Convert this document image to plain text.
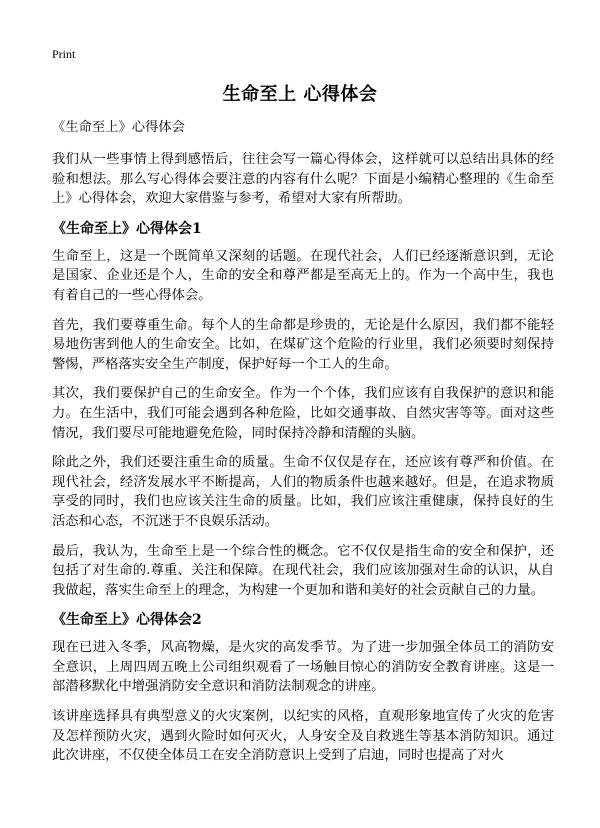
Print
生命至上 心得体会
《生命至上》心得体会

我们从一些事情上得到感悟后，往往会写一篇心得体会，这样就可以总结出具体的经验和想法。那么写心得体会要注意的内容有什么呢？下面是小编精心整理的《生命至上》心得体会，欢迎大家借鉴与参考，希望对大家有所帮助。

《生命至上》心得体会1

生命至上，这是一个既简单又深刻的话题。在现代社会，人们已经逐渐意识到，无论是国家、企业还是个人，生命的安全和尊严都是至高无上的。作为一个高中生，我也有着自己的一些心得体会。

首先，我们要尊重生命。每个人的生命都是珍贵的，无论是什么原因，我们都不能轻易地伤害到他人的生命安全。比如，在煤矿这个危险的行业里，我们必须要时刻保持警惕，严格落实安全生产制度，保护好每一个工人的生命。

其次，我们要保护自己的生命安全。作为一个个体，我们应该有自我保护的意识和能力。在生活中，我们可能会遇到各种危险，比如交通事故、自然灾害等等。面对这些情况，我们要尽可能地避免危险，同时保持冷静和清醒的头脑。

除此之外，我们还要注重生命的质量。生命不仅仅是存在，还应该有尊严和价值。在现代社会，经济发展水平不断提高，人们的物质条件也越来越好。但是，在追求物质享受的同时，我们也应该关注生命的质量。比如，我们应该注重健康，保持良好的生活态和心态，不沉迷于不良娱乐活动。

最后，我认为，生命至上是一个综合性的概念。它不仅仅是指生命的安全和保护，还包括了对生命的.尊重、关注和保障。在现代社会，我们应该加强对生命的认识，从自我做起，落实生命至上的理念，为构建一个更加和谐和美好的社会贡献自己的力量。

《生命至上》心得体会2

现在已进入冬季，风高物燥，是火灾的高发季节。为了进一步加强全体员工的消防安全意识，上周四周五晚上公司组织观看了一场触目惊心的消防安全教育讲座。这是一部潜移默化中增强消防安全意识和消防法制观念的讲座。

该讲座选择具有典型意义的火灾案例，以纪实的风格，直观形象地宣传了火灾的危害及怎样预防火灾，遇到火险时如何灭火，人身安全及自救逃生等基本消防知识。通过此次讲座，不仅使全体员工在安全消防意识上受到了启迪，同时也提高了对火
